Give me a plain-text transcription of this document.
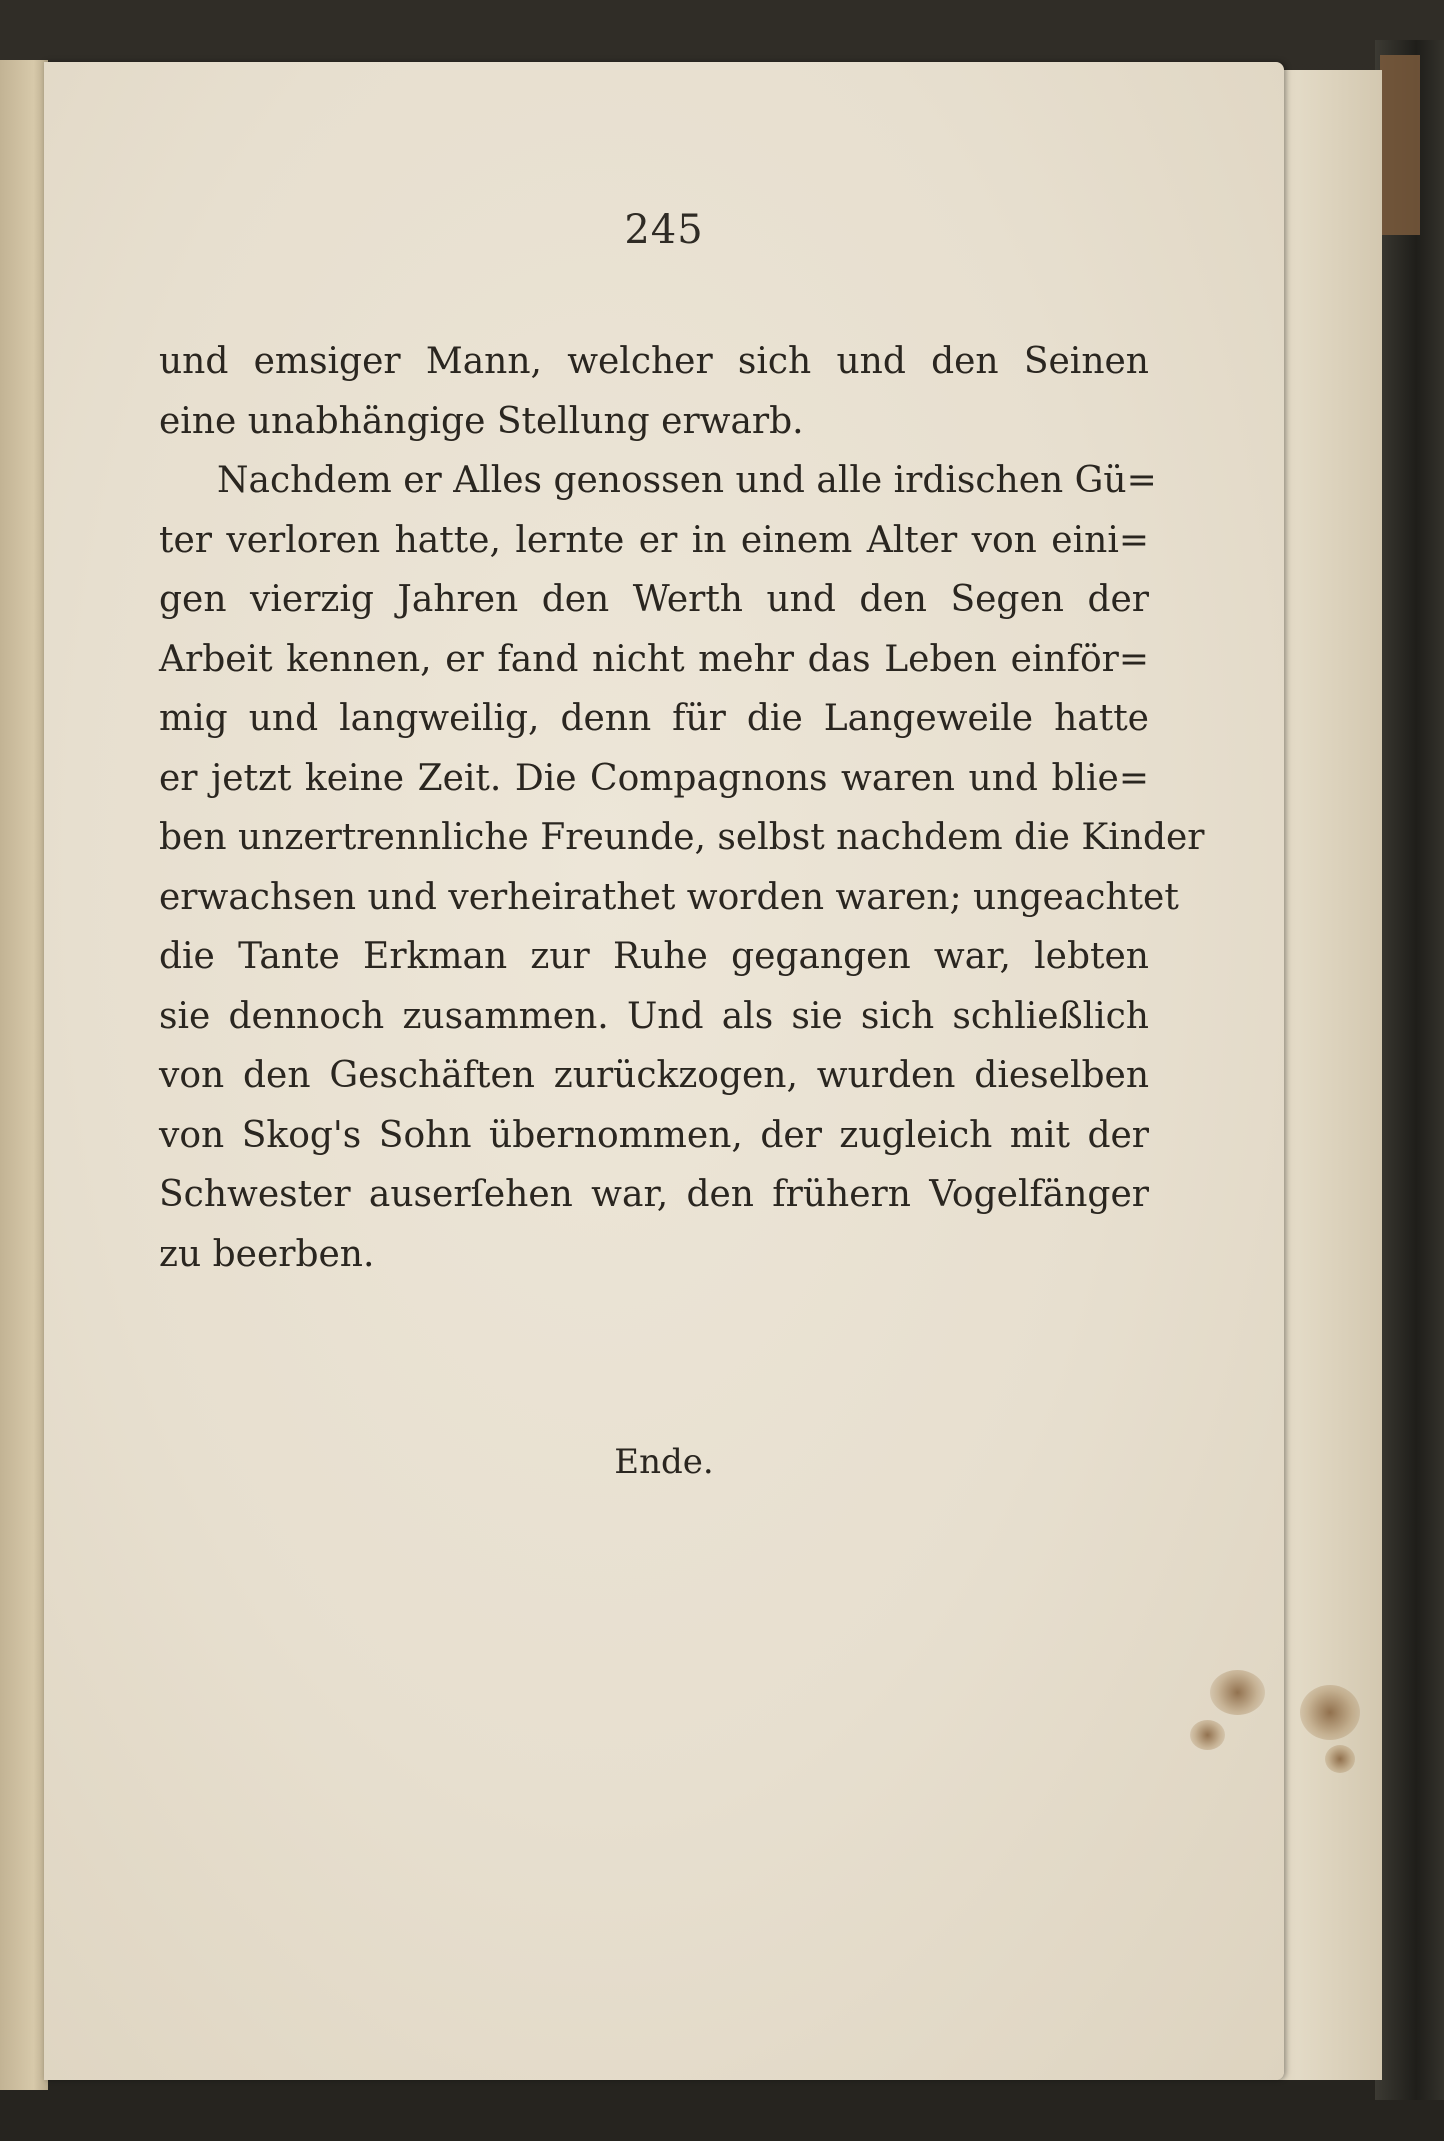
245
und emsiger Mann, welcher sich und den Seinen
eine unabhängige Stellung erwarb.
Nachdem er Alles genossen und alle irdischen Gü=
ter verloren hatte, lernte er in einem Alter von eini=
gen vierzig Jahren den Werth und den Segen der
Arbeit kennen, er fand nicht mehr das Leben einför=
mig und langweilig, denn für die Langeweile hatte
er jetzt keine Zeit. Die Compagnons waren und blie=
ben unzertrennliche Freunde, selbst nachdem die Kinder
erwachsen und verheirathet worden waren; ungeachtet
die Tante Erkman zur Ruhe gegangen war, lebten
sie dennoch zusammen. Und als sie sich schließlich
von den Geschäften zurückzogen, wurden dieselben
von Skog's Sohn übernommen, der zugleich mit der
Schwester auserſehen war, den frühern Vogelfänger
zu beerben.
Ende.
